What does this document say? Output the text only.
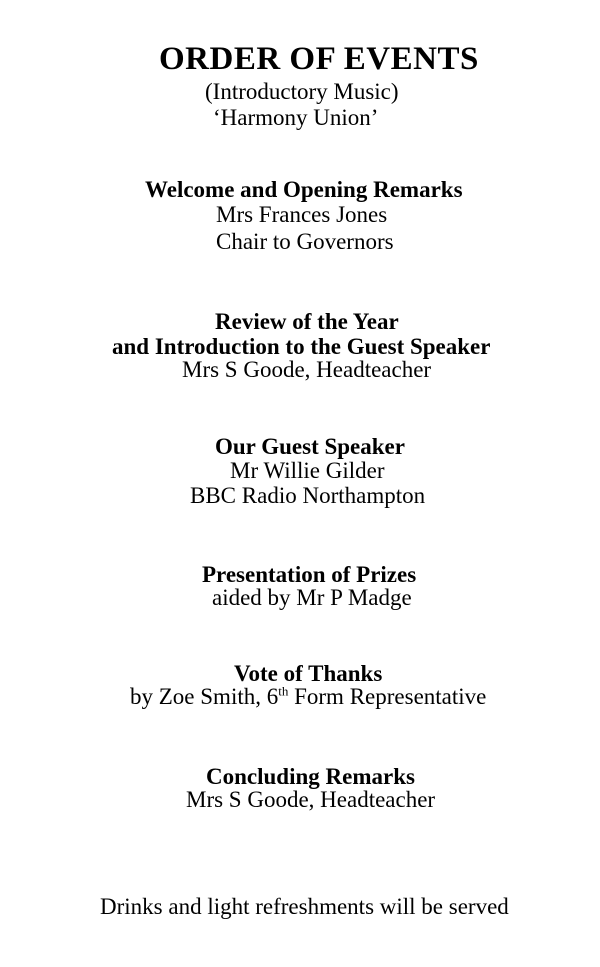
ORDER OF EVENTS
(Introductory Music)
‘Harmony Union’
Welcome and Opening Remarks
Mrs Frances Jones
Chair to Governors
Review of the Year
and Introduction to the Guest Speaker
Mrs S Goode, Headteacher
Our Guest Speaker
Mr Willie Gilder
BBC Radio Northampton
Presentation of Prizes
aided by Mr P Madge
Vote of Thanks
by Zoe Smith, 6th Form Representative
Concluding Remarks
Mrs S Goode, Headteacher
Drinks and light refreshments will be served
